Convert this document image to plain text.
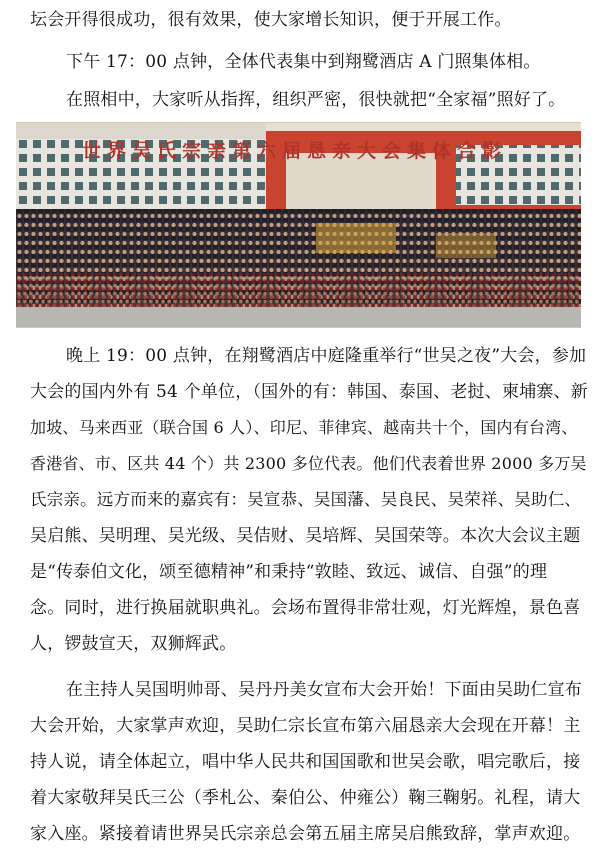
坛会开得很成功，很有效果，使大家增长知识，便于开展工作。
下午 17：00 点钟，全体代表集中到翔鹭酒店 A 门照集体相。
在照相中，大家听从指挥，组织严密，很快就把“全家福”照好了。
世界吴氏宗亲第六届恳亲大会集体合影
晚上 19：00 点钟，在翔鹭酒店中庭隆重举行“世吴之夜”大会，参加
大会的国内外有 54 个单位，（国外的有：韩国、泰国、老挝、柬埔寨、新
加坡、马来西亚（联合国 6 人）、印尼、菲律宾、越南共十个，国内有台湾、
香港省、市、区共 44 个）共 2300 多位代表。他们代表着世界 2000 多万吴
氏宗亲。远方而来的嘉宾有：吴宣恭、吴国藩、吴良民、吴荣祥、吴助仁、
吴启熊、吴明理、吴光级、吴佶财、吴培辉、吴国荣等。本次大会议主题
是“传泰伯文化，颂至德精神”和秉持“敦睦、致远、诚信、自强”的理
念。同时，进行换届就职典礼。会场布置得非常壮观，灯光辉煌，景色喜
人，锣鼓宣天，双狮辉武。
在主持人吴国明帅哥、吴丹丹美女宣布大会开始！下面由吴助仁宣布
大会开始，大家掌声欢迎，吴助仁宗长宣布第六届恳亲大会现在开幕！主
持人说，请全体起立，唱中华人民共和国国歌和世吴会歌，唱完歌后，接
着大家敬拜吴氏三公（季札公、秦伯公、仲雍公）鞠三鞠躬。礼程，请大
家入座。紧接着请世界吴氏宗亲总会第五届主席吴启熊致辞，掌声欢迎。
